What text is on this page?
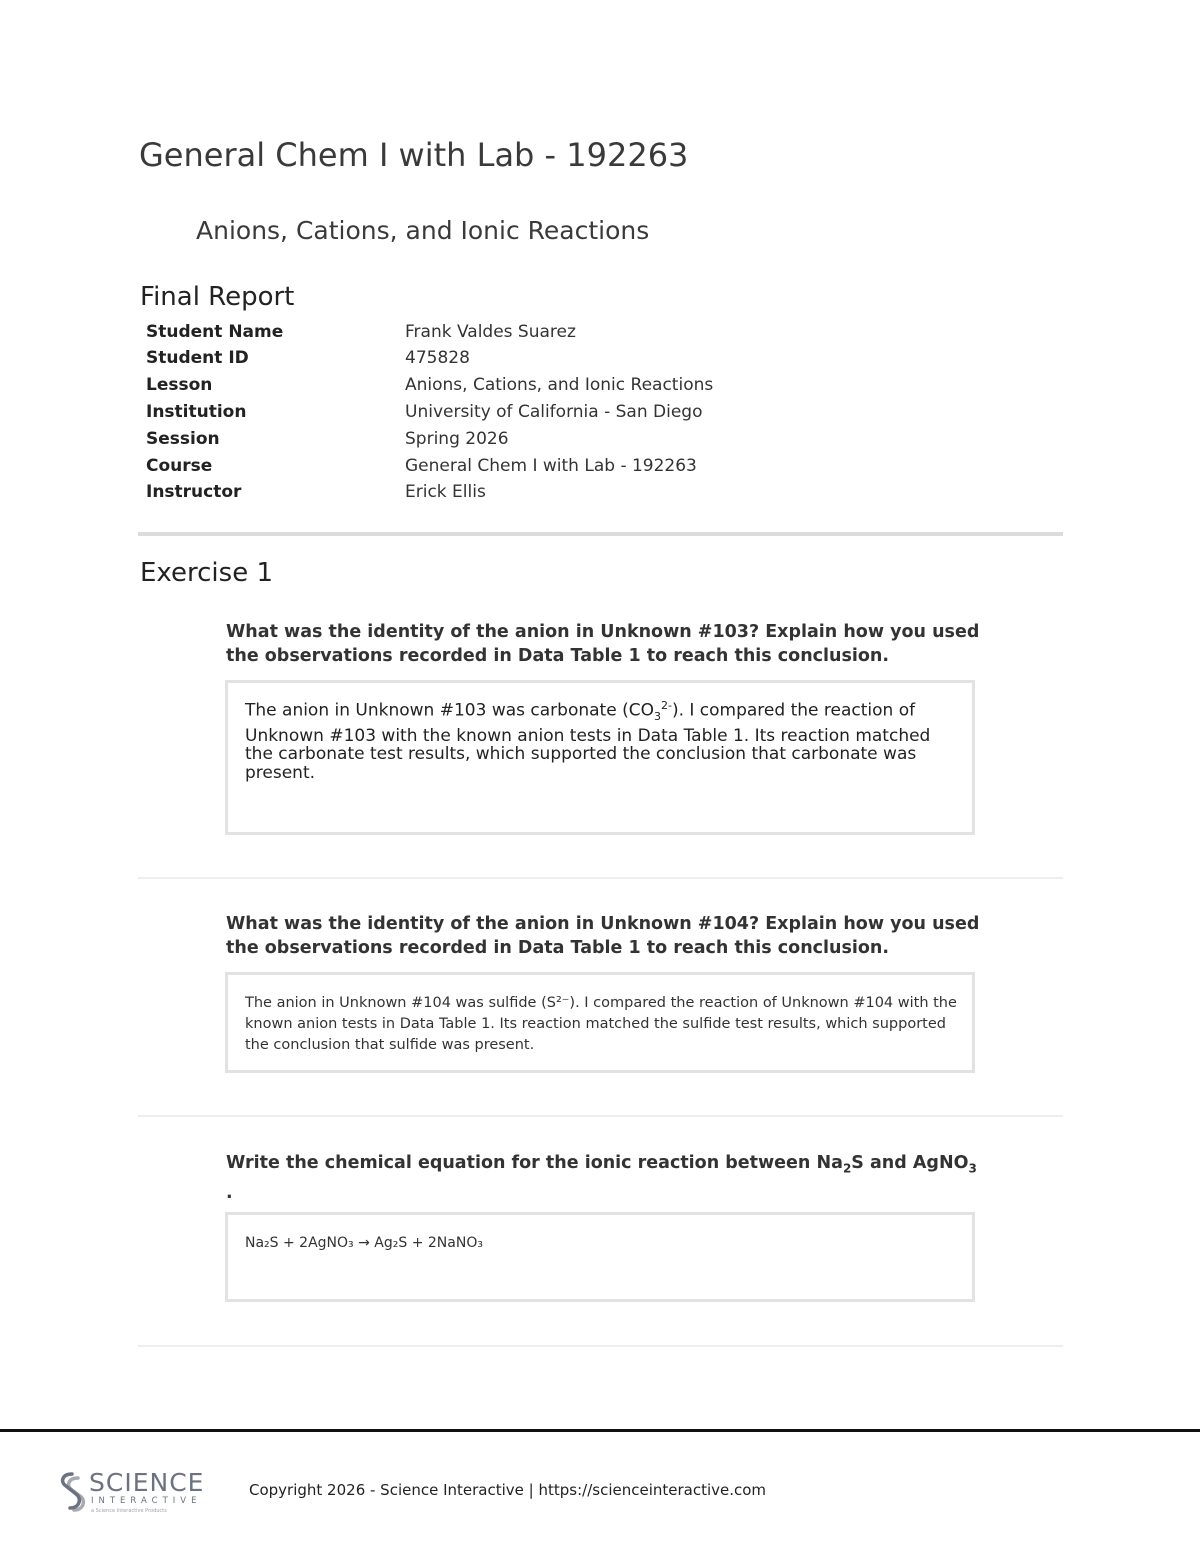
General Chem I with Lab - 192263
Anions, Cations, and Ionic Reactions
Final Report
Student Name	Frank Valdes Suarez
Student ID	475828
Lesson	Anions, Cations, and Ionic Reactions
Institution	University of California - San Diego
Session	Spring 2026
Course	General Chem I with Lab - 192263
Instructor	Erick Ellis
Exercise 1
What was the identity of the anion in Unknown #103? Explain how you used the observations recorded in Data Table 1 to reach this conclusion.
The anion in Unknown #103 was carbonate $(CO_3^{2-})$. I compared the reaction of Unknown #103 with the known anion tests in Data Table 1. Its reaction matched the carbonate test results, which supported the conclusion that carbonate was present.
What was the identity of the anion in Unknown #104? Explain how you used the observations recorded in Data Table 1 to reach this conclusion.
The anion in Unknown #104 was sulfide (S²⁻). I compared the reaction of Unknown #104 with the known anion tests in Data Table 1. Its reaction matched the sulfide test results, which supported the conclusion that sulfide was present.
Write the chemical equation for the ionic reaction between $Na_2S$ and AgNO$_3$
.
Na₂S + 2AgNO₃ → Ag₂S + 2NaNO₃
SCIENCE
INTERACTIVE
a Science Interactive Products
Copyright 2026 - Science Interactive | https://scienceinteractive.com
